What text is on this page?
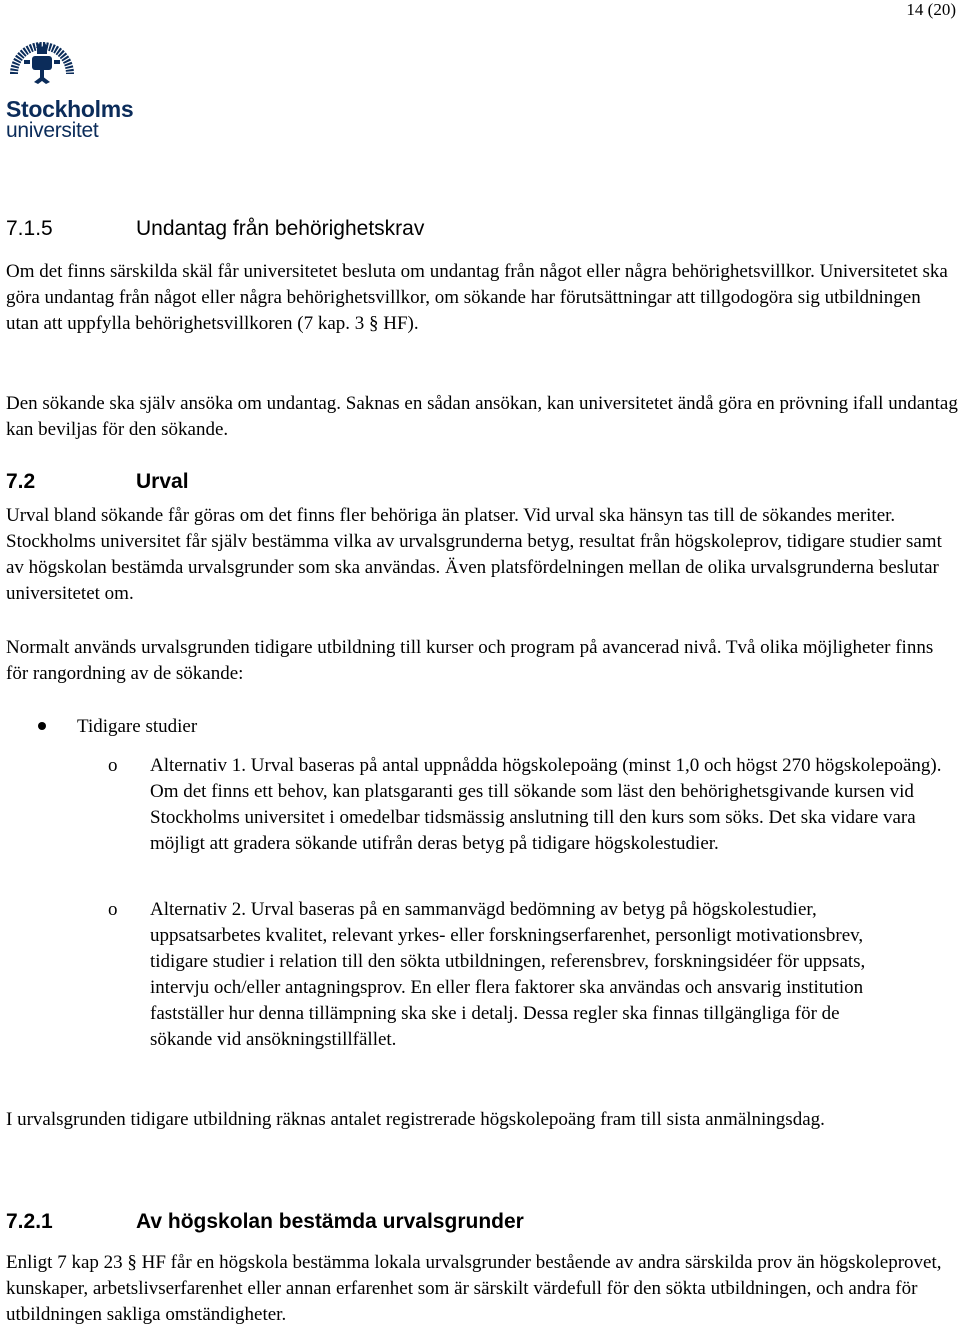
14 (20)
Stockholms
universitet
7.1.5	Undantag från behörighetskrav
Om det finns särskilda skäl får universitetet besluta om undantag från något eller några behörighetsvillkor. Universitetet ska göra undantag från något eller några behörighetsvillkor, om sökande har förutsättningar att tillgodogöra sig utbildningen utan att uppfylla behörighetsvillkoren (7 kap. 3 § HF).
Den sökande ska själv ansöka om undantag. Saknas en sådan ansökan, kan universitetet ändå göra en prövning ifall undantag kan beviljas för den sökande.
7.2	Urval
Urval bland sökande får göras om det finns fler behöriga än platser. Vid urval ska hänsyn tas till de sökandes meriter. Stockholms universitet får själv bestämma vilka av urvalsgrunderna betyg, resultat från högskoleprov, tidigare studier samt av högskolan bestämda urvalsgrunder som ska användas. Även platsfördelningen mellan de olika urvalsgrunderna beslutar universitetet om.
Normalt används urvalsgrunden tidigare utbildning till kurser och program på avancerad nivå. Två olika möjligheter finns för rangordning av de sökande:
Tidigare studier
o Alternativ 1. Urval baseras på antal uppnådda högskolepoäng (minst 1,0 och högst 270 högskolepoäng). Om det finns ett behov, kan platsgaranti ges till sökande som läst den behörighetsgivande kursen vid Stockholms universitet i omedelbar tidsmässig anslutning till den kurs som söks. Det ska vidare vara möjligt att gradera sökande utifrån deras betyg på tidigare högskolestudier.
o Alternativ 2. Urval baseras på en sammanvägd bedömning av betyg på högskolestudier, uppsatsarbetes kvalitet, relevant yrkes- eller forskningserfarenhet, personligt motivationsbrev, tidigare studier i relation till den sökta utbildningen, referensbrev, forskningsidéer för uppsats, intervju och/eller antagningsprov. En eller flera faktorer ska användas och ansvarig institution fastställer hur denna tillämpning ska ske i detalj. Dessa regler ska finnas tillgängliga för de sökande vid ansökningstillfället.
I urvalsgrunden tidigare utbildning räknas antalet registrerade högskolepoäng fram till sista anmälningsdag.
7.2.1	Av högskolan bestämda urvalsgrunder
Enligt 7 kap 23 § HF får en högskola bestämma lokala urvalsgrunder bestående av andra särskilda prov än högskoleprovet, kunskaper, arbetslivserfarenhet eller annan erfarenhet som är särskilt värdefull för den sökta utbildningen, och andra för utbildningen sakliga omständigheter.
